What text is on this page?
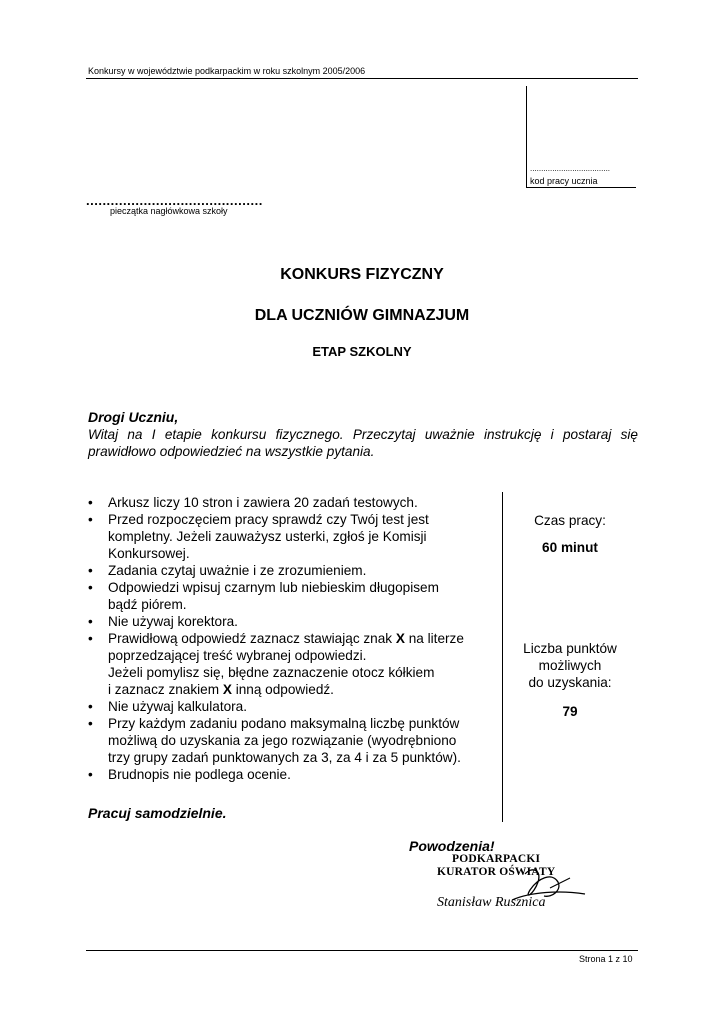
Konkursy w województwie podkarpackim w roku szkolnym 2005/2006
....................................
kod pracy ucznia
...........................................
pieczątka nagłówkowa szkoły
KONKURS FIZYCZNY
DLA UCZNIÓW GIMNAZJUM
ETAP SZKOLNY
Drogi Uczniu,
Witaj na I etapie konkursu fizycznego. Przeczytaj uważnie instrukcję i postaraj się prawidłowo odpowiedzieć na wszystkie pytania.
• Arkusz liczy 10 stron i zawiera 20 zadań testowych.
• Przed rozpoczęciem pracy sprawdź czy Twój test jest
kompletny. Jeżeli zauważysz usterki, zgłoś je Komisji
Konkursowej.
• Zadania czytaj uważnie i ze zrozumieniem.
• Odpowiedzi wpisuj czarnym lub niebieskim długopisem
bądź piórem.
• Nie używaj korektora.
• Prawidłową odpowiedź zaznacz stawiając znak X na literze
poprzedzającej treść wybranej odpowiedzi.
Jeżeli pomylisz się, błędne zaznaczenie otocz kółkiem
i zaznacz znakiem X inną odpowiedź.
• Nie używaj kalkulatora.
• Przy każdym zadaniu podano maksymalną liczbę punktów
możliwą do uzyskania za jego rozwiązanie (wyodrębniono
trzy grupy zadań punktowanych za 3, za 4 i za 5 punktów).
• Brudnopis nie podlega ocenie.
Czas pracy:
60 minut
Liczba punktów
możliwych
do uzyskania:
79
Pracuj samodzielnie.
Powodzenia!
PODKARPACKI
KURATOR OŚWIATY
Stanisław Rusznica
Strona 1 z 10
